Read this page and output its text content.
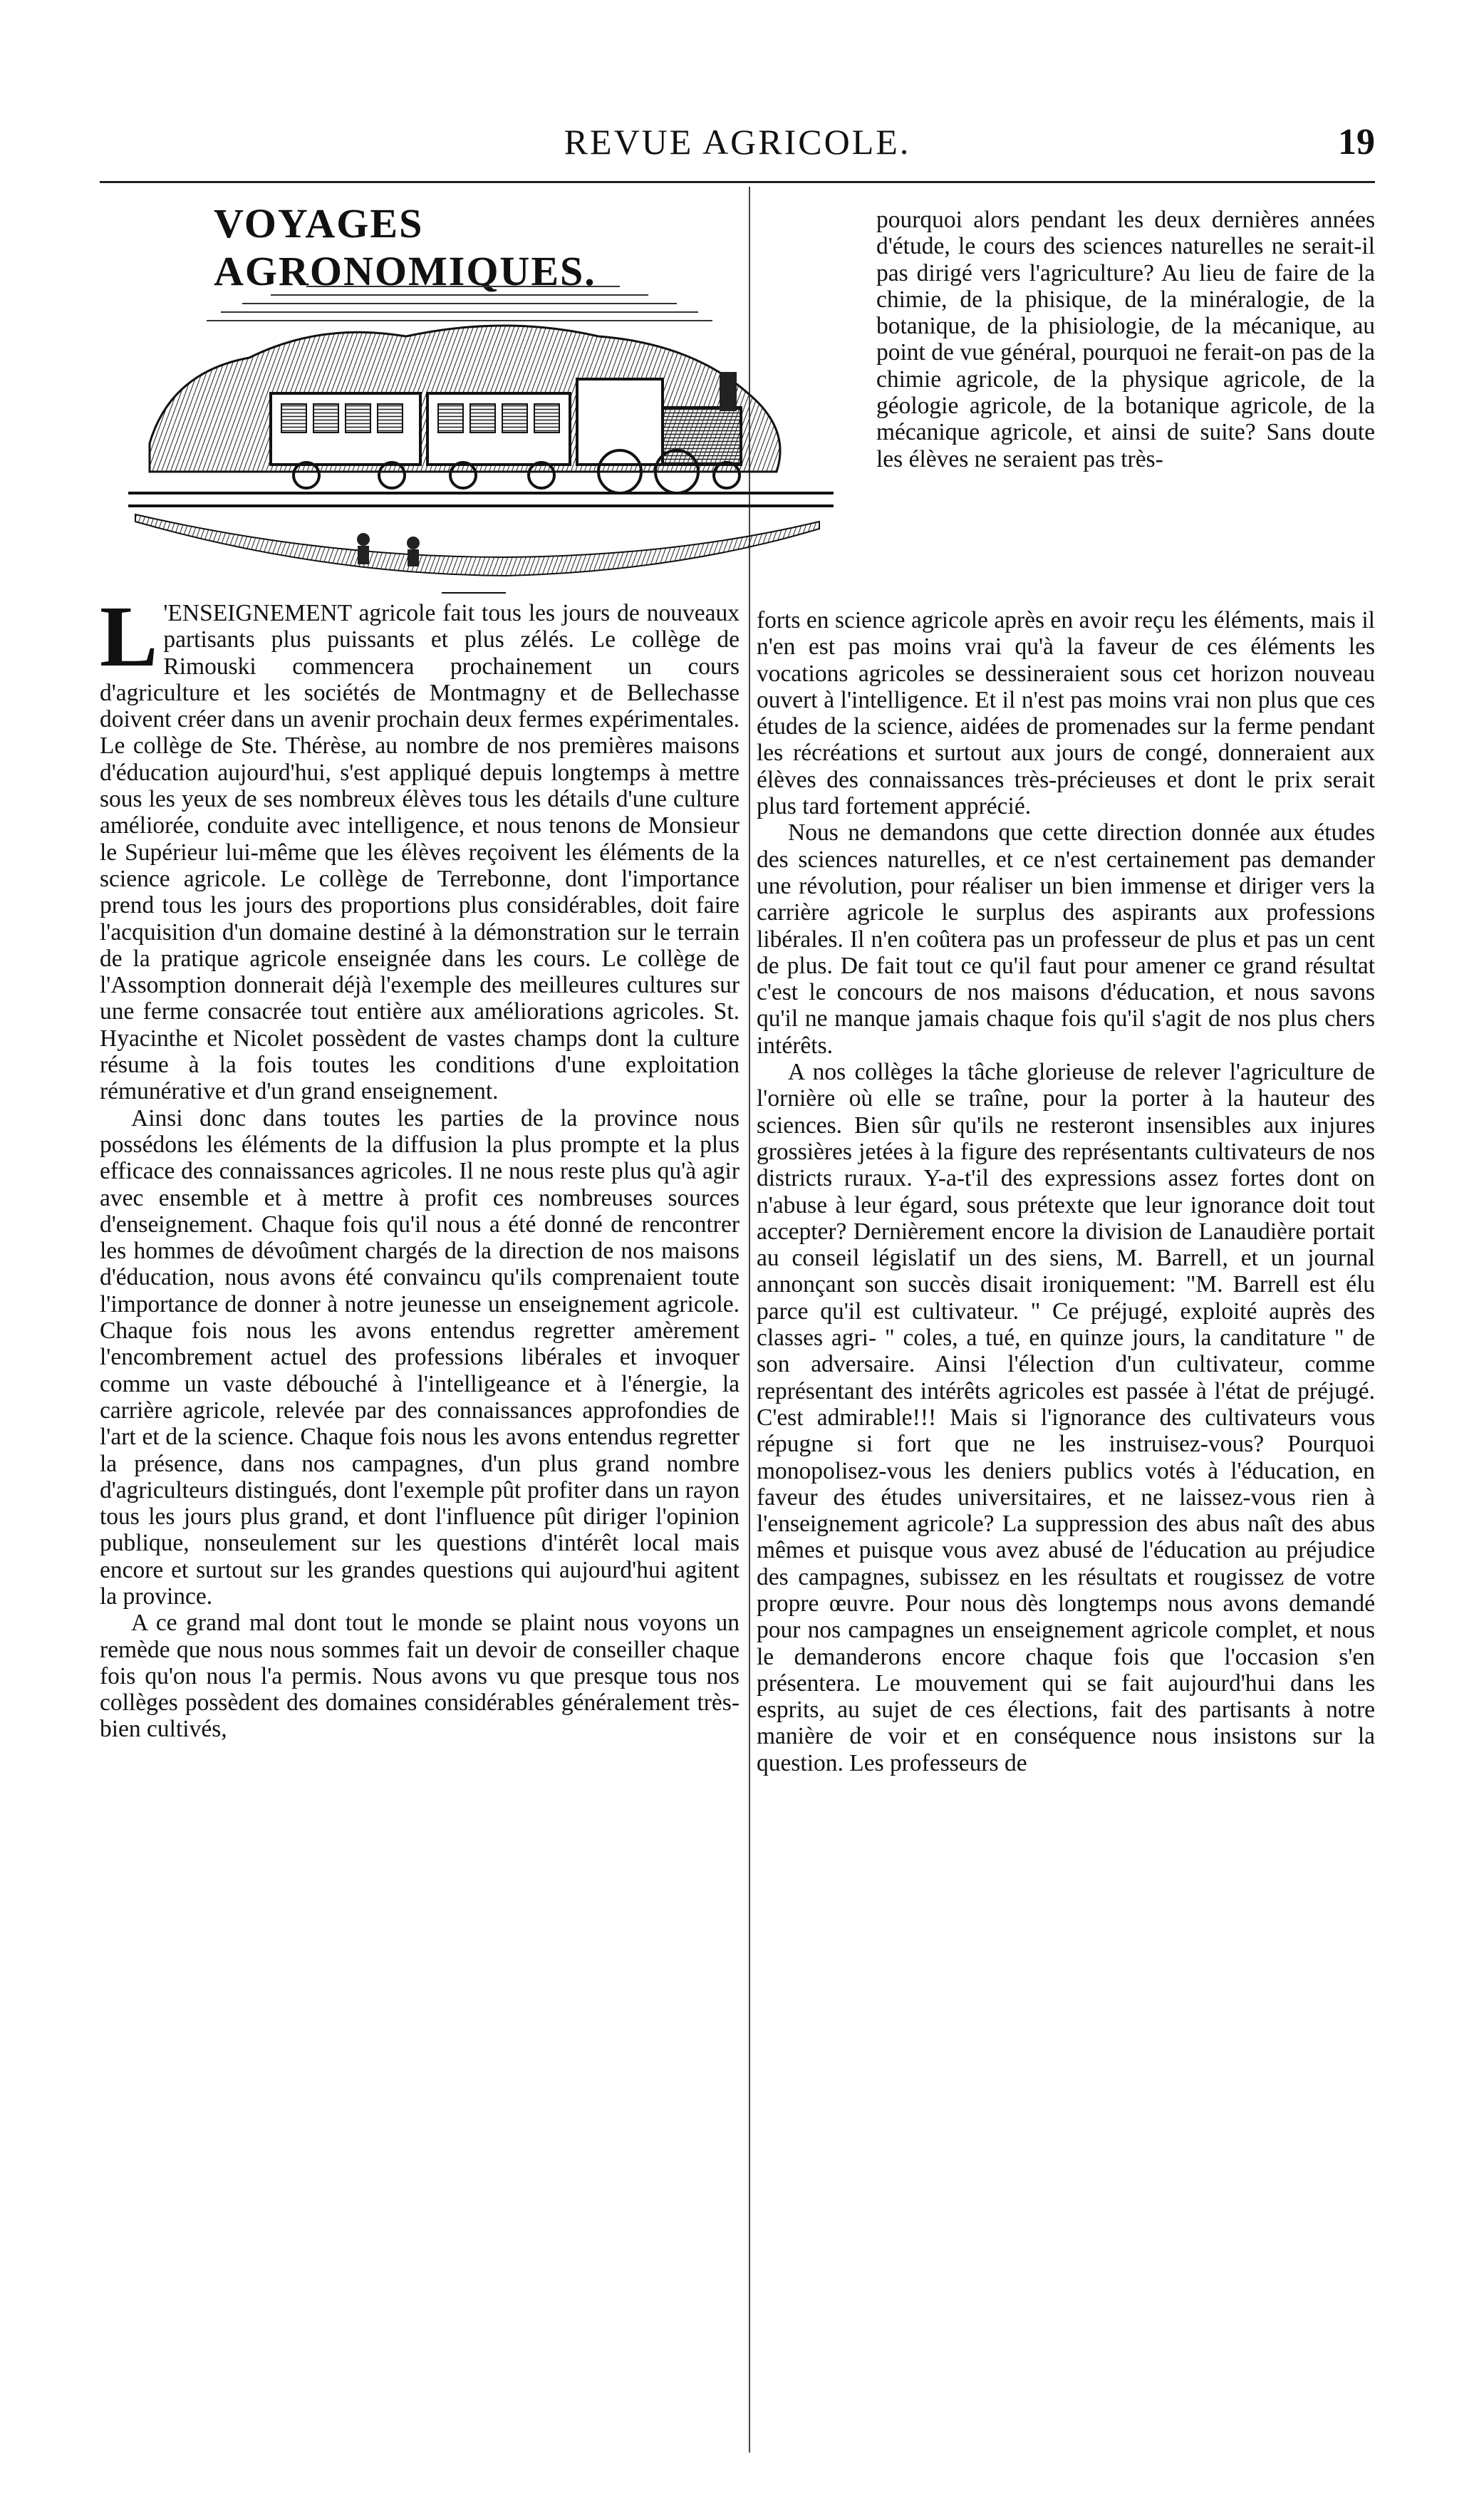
REVUE AGRICOLE.	19
VOYAGES AGRONOMIQUES.

pourquoi alors pendant les deux dernières années d'étude, le cours des sciences naturelles ne serait-il pas dirigé vers l'agriculture? Au lieu de faire de la chimie, de la phisique, de la minéralogie, de la botanique, de la phisiologie, de la mécanique, au point de vue général, pourquoi ne ferait-on pas de la chimie agricole, de la physique agricole, de la géologie agricole, de la botanique agricole, de la mécanique agricole, et ainsi de suite? Sans doute les élèves ne seraient pas très-

L 'ENSEIGNEMENT agricole fait tous les jours de nouveaux partisants plus puissants et plus zélés. Le collège de Rimouski commencera prochainement un cours d'agriculture et les sociétés de Montmagny et de Bellechasse doivent créer dans un avenir prochain deux fermes expérimentales. Le collège de Ste. Thérèse, au nombre de nos premières maisons d'éducation aujourd'hui, s'est appliqué depuis longtemps à mettre sous les yeux de ses nombreux élèves tous les détails d'une culture améliorée, conduite avec intelligence, et nous tenons de Monsieur le Supérieur lui-même que les élèves reçoivent les éléments de la science agricole. Le collège de Terrebonne, dont l'importance prend tous les jours des proportions plus considérables, doit faire l'acquisition d'un domaine destiné à la démonstration sur le terrain de la pratique agricole enseignée dans les cours. Le collège de l'Assomption donnerait déjà l'exemple des meilleures cultures sur une ferme consacrée tout entière aux améliorations agricoles. St. Hyacinthe et Nicolet possèdent de vastes champs dont la culture résume à la fois toutes les conditions d'une exploitation rémunérative et d'un grand enseignement.

Ainsi donc dans toutes les parties de la province nous possédons les éléments de la diffusion la plus prompte et la plus efficace des connaissances agricoles. Il ne nous reste plus qu'à agir avec ensemble et à mettre à profit ces nombreuses sources d'enseignement. Chaque fois qu'il nous a été donné de rencontrer les hommes de dévoûment chargés de la direction de nos maisons d'éducation, nous avons été convaincu qu'ils comprenaient toute l'importance de donner à notre jeunesse un enseignement agricole. Chaque fois nous les avons entendus regretter amèrement l'encombrement actuel des professions libérales et invoquer comme un vaste débouché à l'intelligeance et à l'énergie, la carrière agricole, relevée par des connaissances approfondies de l'art et de la science. Chaque fois nous les avons entendus regretter la présence, dans nos campagnes, d'un plus grand nombre d'agriculteurs distingués, dont l'exemple pût profiter dans un rayon tous les jours plus grand, et dont l'influence pût diriger l'opinion publique, nonseulement sur les questions d'intérêt local mais encore et surtout sur les grandes questions qui aujourd'hui agitent la province.

A ce grand mal dont tout le monde se plaint nous voyons un remède que nous nous sommes fait un devoir de conseiller chaque fois qu'on nous l'a permis. Nous avons vu que presque tous nos collèges possèdent des domaines considérables généralement très-bien cultivés,

forts en science agricole après en avoir reçu les éléments, mais il n'en est pas moins vrai qu'à la faveur de ces éléments les vocations agricoles se dessineraient sous cet horizon nouveau ouvert à l'intelligence. Et il n'est pas moins vrai non plus que ces études de la science, aidées de promenades sur la ferme pendant les récréations et surtout aux jours de congé, donneraient aux élèves des connaissances très-précieuses et dont le prix serait plus tard fortement apprécié.

Nous ne demandons que cette direction donnée aux études des sciences naturelles, et ce n'est certainement pas demander une révolution, pour réaliser un bien immense et diriger vers la carrière agricole le surplus des aspirants aux professions libérales. Il n'en coûtera pas un professeur de plus et pas un cent de plus. De fait tout ce qu'il faut pour amener ce grand résultat c'est le concours de nos maisons d'éducation, et nous savons qu'il ne manque jamais chaque fois qu'il s'agit de nos plus chers intérêts.

A nos collèges la tâche glorieuse de relever l'agriculture de l'ornière où elle se traîne, pour la porter à la hauteur des sciences. Bien sûr qu'ils ne resteront insensibles aux injures grossières jetées à la figure des représentants cultivateurs de nos districts ruraux. Y-a-t'il des expressions assez fortes dont on n'abuse à leur égard, sous prétexte que leur ignorance doit tout accepter? Dernièrement encore la division de Lanaudière portait au conseil législatif un des siens, M. Barrell, et un journal annonçant son succès disait ironiquement: "M. Barrell est élu parce qu'il est cultivateur. " Ce préjugé, exploité auprès des classes agri- " coles, a tué, en quinze jours, la canditature " de son adversaire. Ainsi l'élection d'un cultivateur, comme représentant des intérêts agricoles est passée à l'état de préjugé. C'est admirable!!! Mais si l'ignorance des cultivateurs vous répugne si fort que ne les instruisez-vous? Pourquoi monopolisez-vous les deniers publics votés à l'éducation, en faveur des études universitaires, et ne laissez-vous rien à l'enseignement agricole? La suppression des abus naît des abus mêmes et puisque vous avez abusé de l'éducation au préjudice des campagnes, subissez en les résultats et rougissez de votre propre œuvre. Pour nous dès longtemps nous avons demandé pour nos campagnes un enseignement agricole complet, et nous le demanderons encore chaque fois que l'occasion s'en présentera. Le mouvement qui se fait aujourd'hui dans les esprits, au sujet de ces élections, fait des partisants à notre manière de voir et en conséquence nous insistons sur la question. Les professeurs de
